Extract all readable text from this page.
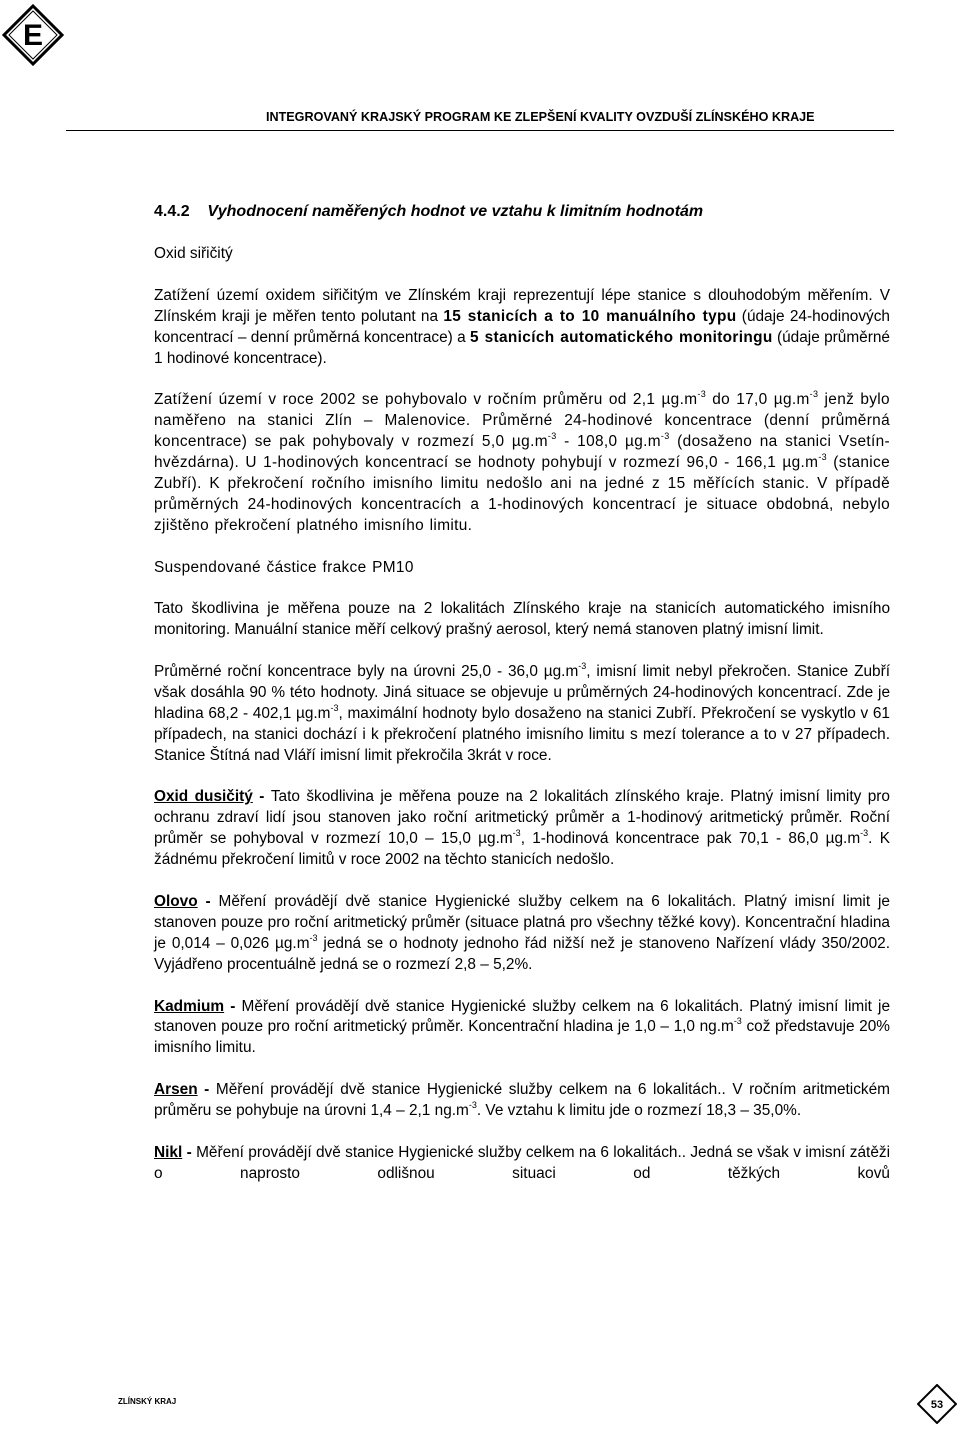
E
INTEGROVANÝ KRAJSKÝ PROGRAM KE ZLEPŠENÍ KVALITY OVZDUŠÍ ZLÍNSKÉHO KRAJE
4.4.2 Vyhodnocení naměřených hodnot ve vztahu k limitním hodnotám

Oxid siřičitý

Zatížení území oxidem siřičitým ve Zlínském kraji reprezentují lépe stanice s dlouhodobým měřením. V Zlínském kraji je měřen tento polutant na 15 stanicích a to 10 manuálního typu (údaje 24-hodinových koncentrací – denní průměrná koncentrace) a 5 stanicích automatického monitoringu (údaje průměrné 1 hodinové koncentrace).

Zatížení území v roce 2002 se pohybovalo v ročním průměru od 2,1 $\mu g.m^{-3}$ do 17,0 $\mu g.m^{-3}$ jenž bylo naměřeno na stanici Zlín – Malenovice. Průměrné 24-hodinové koncentrace (denní průměrná koncentrace) se pak pohybovaly v rozmezí 5,0 $\mu g.m^{-3} - 108,0$ $\mu g.m^{-3}$ (dosaženo na stanici Vsetín-hvězdárna). U 1-hodinových koncentrací se hodnoty pohybují v rozmezí 96,0 - 166,1 $\mu g.m^{-3}$ (stanice Zubří). K překročení ročního imisního limitu nedošlo ani na jedné z 15 měřících stanic. V případě průměrných 24-hodinových koncentracích a 1-hodinových koncentrací je situace obdobná, nebylo zjištěno překročení platného imisního limitu.

Suspendované částice frakce PM10

Tato škodlivina je měřena pouze na 2 lokalitách Zlínského kraje na stanicích automatického imisního monitoring. Manuální stanice měří celkový prašný aerosol, který nemá stanoven platný imisní limit.

Průměrné roční koncentrace byly na úrovni 25,0 - 36,0 $\mu g.m^{-3}$, imisní limit nebyl překročen. Stanice Zubří však dosáhla 90 % této hodnoty. Jiná situace se objevuje u průměrných 24-hodinových koncentrací. Zde je hladina 68,2 - 402,1 $\mu g.m^{-3}$, maximální hodnoty bylo dosaženo na stanici Zubří. Překročení se vyskytlo v 61 případech, na stanici dochází i k překročení platného imisního limitu s mezí tolerance a to v 27 případech. Stanice Štítná nad Vláří imisní limit překročila 3krát v roce.

Oxid dusičitý - Tato škodlivina je měřena pouze na 2 lokalitách zlínského kraje. Platný imisní limity pro ochranu zdraví lidí jsou stanoven jako roční aritmetický průměr a 1-hodinový aritmetický průměr. Roční průměr se pohyboval v rozmezí 10,0 – 15,0 $\mu g.m^{-3}$, 1-hodinová koncentrace pak 70,1 - 86,0 $\mu g.m^{-3}$. K žádnému překročení limitů v roce 2002 na těchto stanicích nedošlo.

Olovo - Měření provádějí dvě stanice Hygienické služby celkem na 6 lokalitách. Platný imisní limit je stanoven pouze pro roční aritmetický průměr (situace platná pro všechny těžké kovy). Koncentrační hladina je 0,014 – 0,026 $\mu g.m^{-3}$ jedná se o hodnoty jednoho řád nižší než je stanoveno Nařízení vlády 350/2002. Vyjádřeno procentuálně jedná se o rozmezí 2,8 – 5,2%.

Kadmium - Měření provádějí dvě stanice Hygienické služby celkem na 6 lokalitách. Platný imisní limit je stanoven pouze pro roční aritmetický průměr. Koncentrační hladina je 1,0 – 1,0 $ng.m^{-3}$ což představuje 20% imisního limitu.

Arsen - Měření provádějí dvě stanice Hygienické služby celkem na 6 lokalitách.. V ročním aritmetickém průměru se pohybuje na úrovni 1,4 – 2,1 $ng.m^{-3}$. Ve vztahu k limitu jde o rozmezí 18,3 – 35,0%.

Nikl - Měření provádějí dvě stanice Hygienické služby celkem na 6 lokalitách.. Jedná se však v imisní zátěži o naprosto odlišnou situaci od těžkých kovů

ZLÍNSKÝ KRAJ	53
